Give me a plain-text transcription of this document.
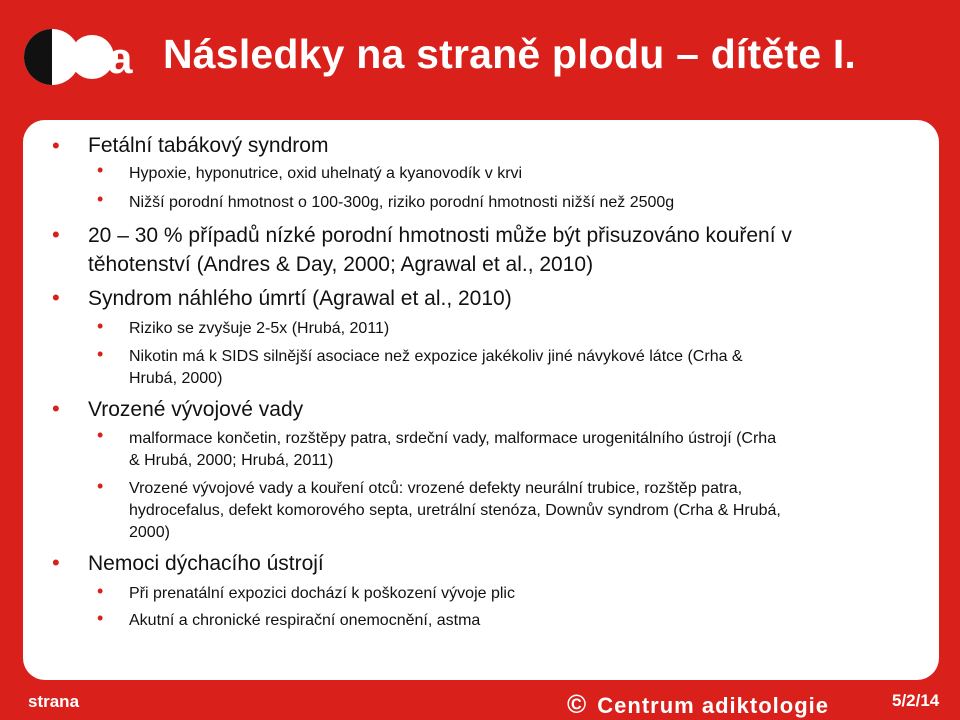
a Následky na straně plodu – dítěte I.
• Fetální tabákový syndrom
• Hypoxie, hyponutrice, oxid uhelnatý a kyanovodík v krvi
• Nižší porodní hmotnost o 100-300g, riziko porodní hmotnosti nižší než 2500g
• 20 – 30 % případů nízké porodní hmotnosti může být přisuzováno kouření v
těhotenství (Andres & Day, 2000; Agrawal et al., 2010)
• Syndrom náhlého úmrtí (Agrawal et al., 2010)
• Riziko se zvyšuje 2-5x (Hrubá, 2011)
• Nikotin má k SIDS silnější asociace než expozice jakékoliv jiné návykové látce (Crha &
Hrubá, 2000)
• Vrozené vývojové vady
• malformace končetin, rozštěpy patra, srdeční vady, malformace urogenitálního ústrojí (Crha
& Hrubá, 2000; Hrubá, 2011)
• Vrozené vývojové vady a kouření otců: vrozené defekty neurální trubice, rozštěp patra,
hydrocefalus, defekt komorového septa, uretrální stenóza, Downův syndrom (Crha & Hrubá,
2000)
• Nemoci dýchacího ústrojí
• Při prenatální expozici dochází k poškození vývoje plic
• Akutní a chronické respirační onemocnění, astma
strana	© Centrum adiktologie	5/2/14
